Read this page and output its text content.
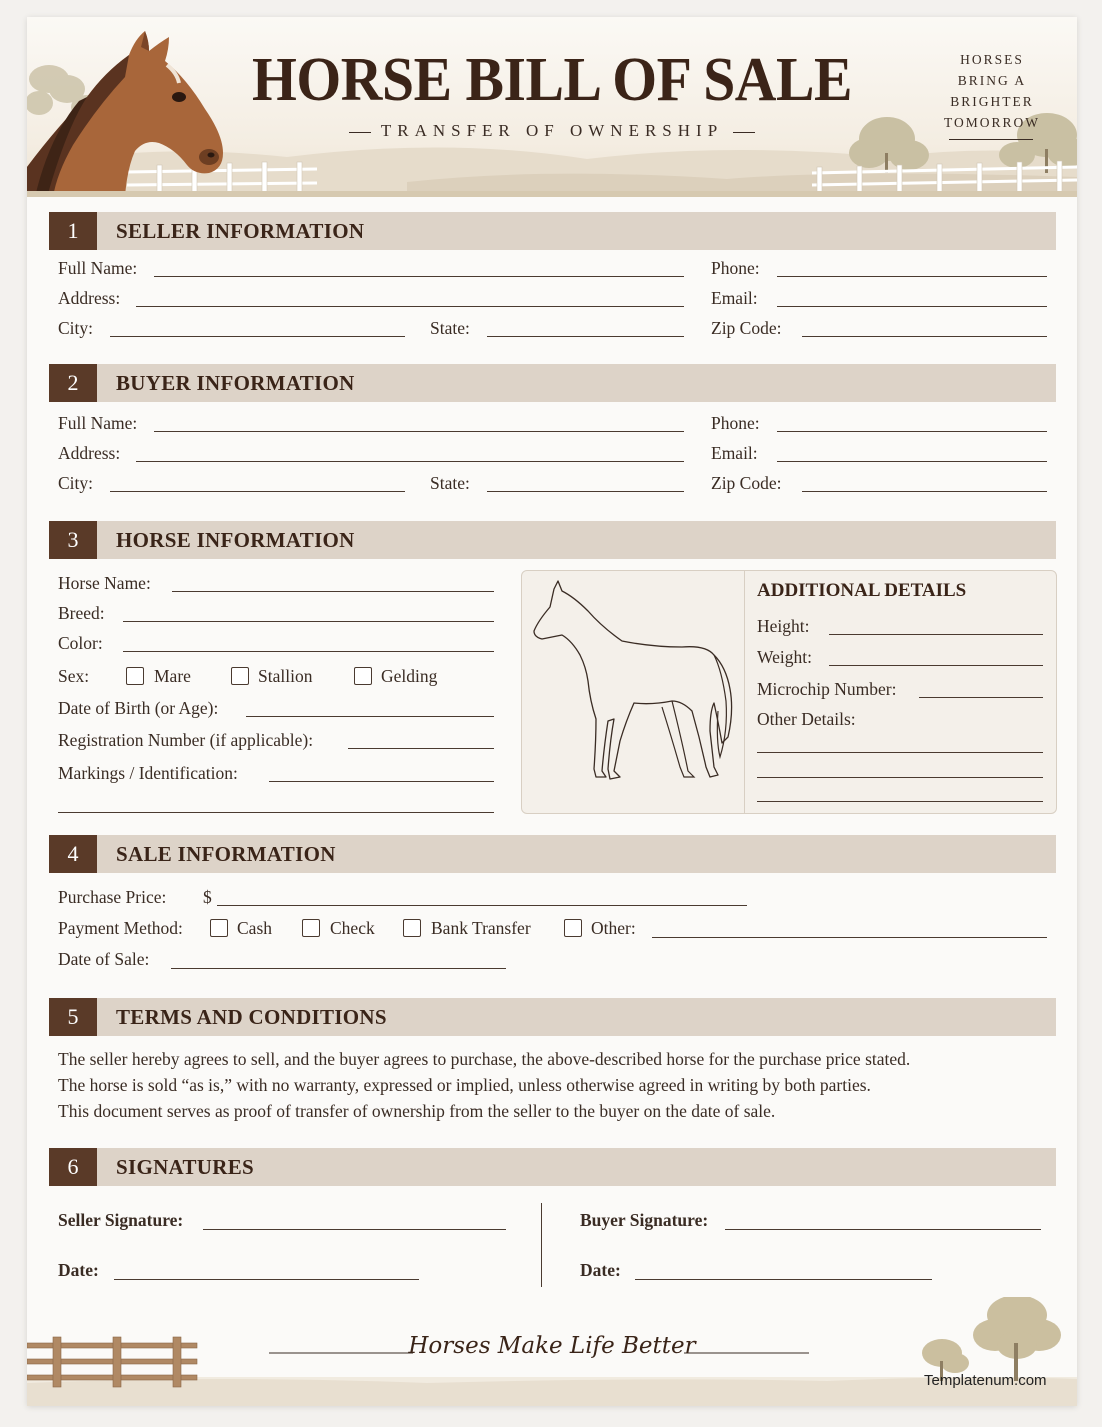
HORSE BILL OF SALE
TRANSFER OF OWNERSHIP
HORSES
BRING A
BRIGHTER
TOMORROW
1	SELLER INFORMATION
Full Name:	Phone:
Address:	Email:
City:	State:	Zip Code:
2	BUYER INFORMATION
Full Name:	Phone:
Address:	Email:
City:	State:	Zip Code:
3	HORSE INFORMATION
Horse Name:
Breed:
Color:
Sex:	Mare	Stallion	Gelding
Date of Birth (or Age):
Registration Number (if applicable):
Markings / Identification:
ADDITIONAL DETAILS
Height:
Weight:
Microchip Number:
Other Details:
4	SALE INFORMATION
Purchase Price: $
Payment Method:	Cash	Check	Bank Transfer	Other:
Date of Sale:
5	TERMS AND CONDITIONS
The seller hereby agrees to sell, and the buyer agrees to purchase, the above-described horse for the purchase price stated.
The horse is sold “as is,” with no warranty, expressed or implied, unless otherwise agreed in writing by both parties.
This document serves as proof of transfer of ownership from the seller to the buyer on the date of sale.
6	SIGNATURES
Seller Signature:
Date:
Buyer Signature:
Date:
Horses Make Life Better
Templatenum.com
